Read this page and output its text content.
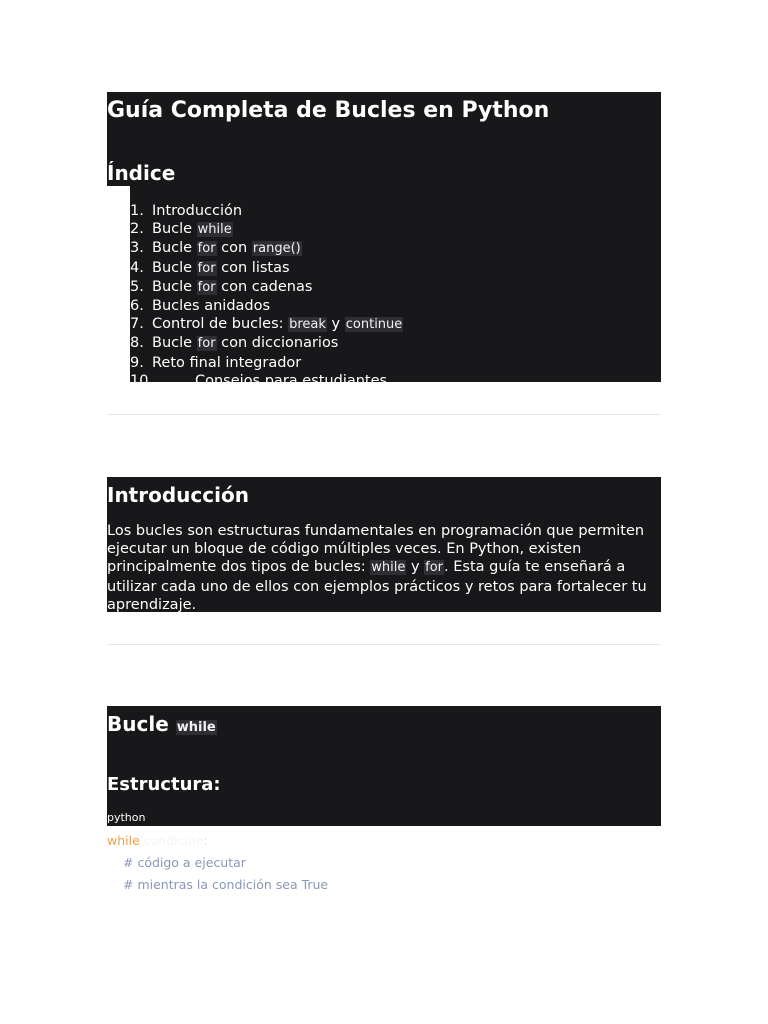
Guía Completa de Bucles en Python
Índice
1. Introducción
2. Bucle while
3. Bucle for con range()
4. Bucle for con listas
5. Bucle for con cadenas
6. Bucles anidados
7. Control de bucles: break y continue
8. Bucle for con diccionarios
9. Reto final integrador
10.	Consejos para estudiantes
Introducción

Los bucles son estructuras fundamentales en programación que permiten ejecutar un bloque de código múltiples veces. En Python, existen principalmente dos tipos de bucles: while y for. Esta guía te enseñará a utilizar cada uno de ellos con ejemplos prácticos y retos para fortalecer tu aprendizaje.

Bucle while
Estructura:
python
while condición:
# código a ejecutar
# mientras la condición sea True
